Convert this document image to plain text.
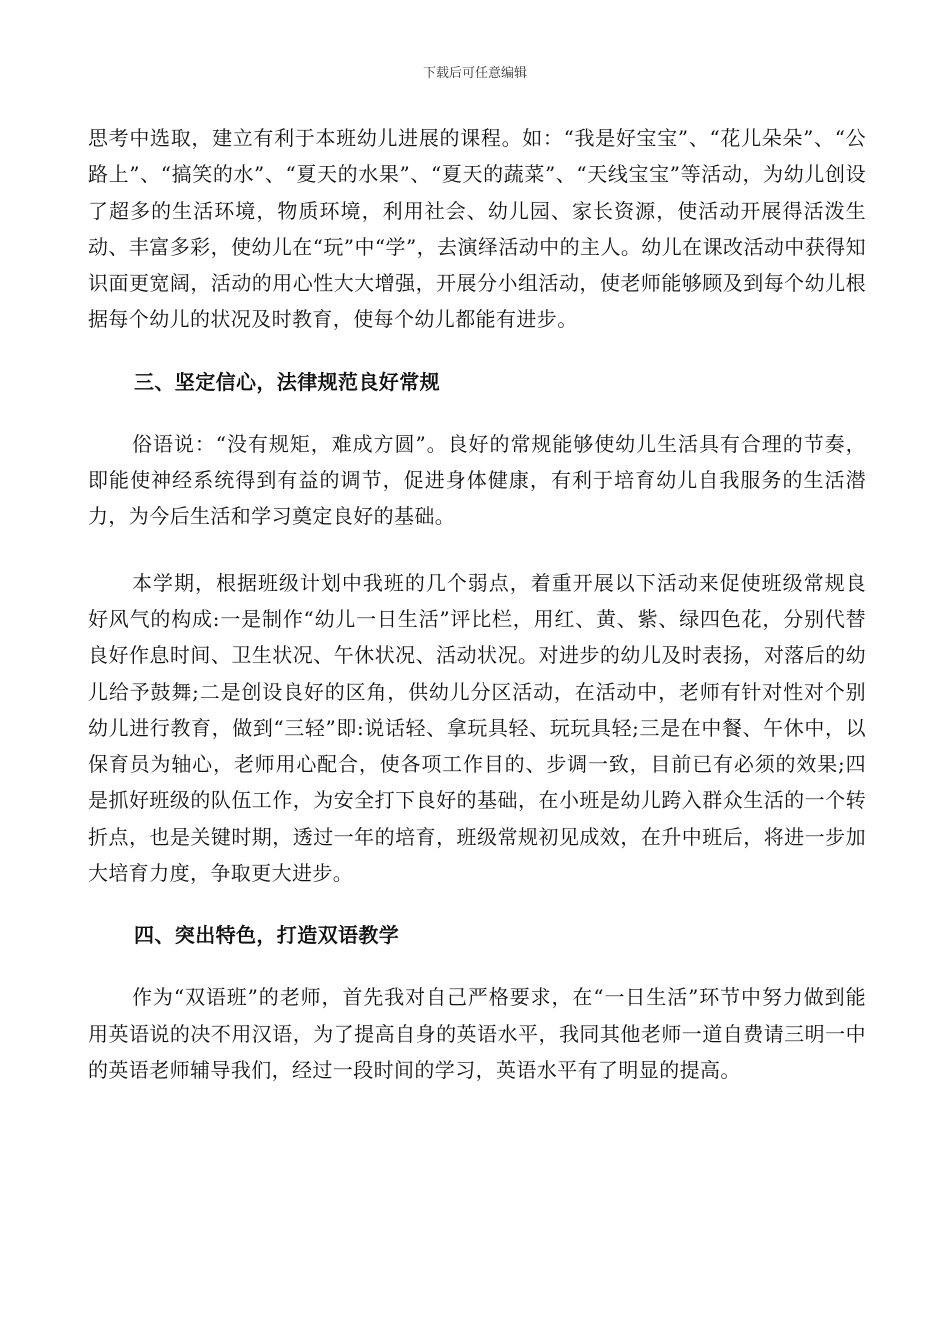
下载后可任意编辑

思考中选取，建立有利于本班幼儿进展的课程。如：“我是好宝宝”、“花儿朵朵”、“公路上”、“搞笑的水”、“夏天的水果”、“夏天的蔬菜”、“天线宝宝”等活动，为幼儿创设了超多的生活环境，物质环境，利用社会、幼儿园、家长资源，使活动开展得活泼生动、丰富多彩，使幼儿在“玩”中“学”，去演绎活动中的主人。幼儿在课改活动中获得知识面更宽阔，活动的用心性大大增强，开展分小组活动，使老师能够顾及到每个幼儿根据每个幼儿的状况及时教育，使每个幼儿都能有进步。

三、坚定信心，法律规范良好常规

俗语说：“没有规矩，难成方圆”。良好的常规能够使幼儿生活具有合理的节奏，即能使神经系统得到有益的调节，促进身体健康，有利于培育幼儿自我服务的生活潜力，为今后生活和学习奠定良好的基础。

本学期，根据班级计划中我班的几个弱点，着重开展以下活动来促使班级常规良好风气的构成:一是制作“幼儿一日生活”评比栏，用红、黄、紫、绿四色花，分别代替良好作息时间、卫生状况、午休状况、活动状况。对进步的幼儿及时表扬，对落后的幼儿给予鼓舞;二是创设良好的区角，供幼儿分区活动，在活动中，老师有针对性对个别幼儿进行教育，做到“三轻”即:说话轻、拿玩具轻、玩玩具轻;三是在中餐、午休中，以保育员为轴心，老师用心配合，使各项工作目的、步调一致，目前已有必须的效果;四是抓好班级的队伍工作，为安全打下良好的基础，在小班是幼儿跨入群众生活的一个转折点，也是关键时期，透过一年的培育，班级常规初见成效，在升中班后，将进一步加大培育力度，争取更大进步。

四、突出特色，打造双语教学

作为“双语班”的老师，首先我对自己严格要求，在“一日生活”环节中努力做到能用英语说的决不用汉语，为了提高自身的英语水平，我同其他老师一道自费请三明一中的英语老师辅导我们，经过一段时间的学习，英语水平有了明显的提高。
